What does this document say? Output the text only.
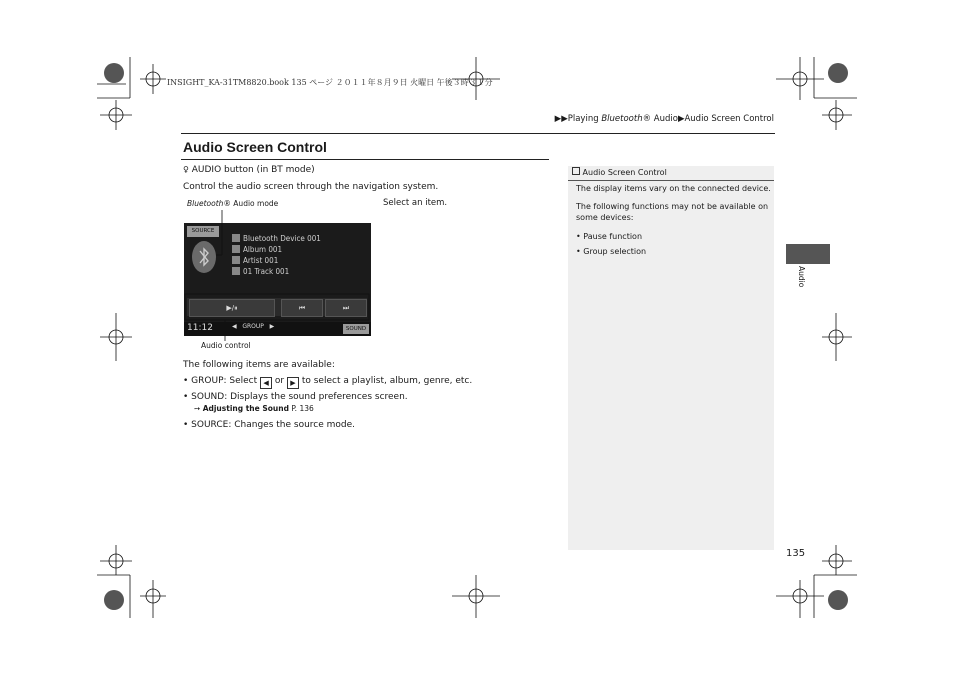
INSIGHT_KA-31TM8820.book 135 ページ ２０１１年８月９日 火曜日 午後３時３１分
▶▶Playing Bluetooth® Audio▶Audio Screen Control
Audio Screen Control
♀ AUDIO button (in BT mode)
Control the audio screen through the navigation system.
Bluetooth® Audio mode	Select an item.
SOURCE
Bluetooth Device 001
Album 001
Artist 001
01 Track 001
▶/⏸	⏮	⏭
11:12	◀ GROUP ▶	SOUND
Audio control
The following items are available:
• GROUP: Select ◀ or ▶ to select a playlist, album, genre, etc.
• SOUND: Displays the sound preferences screen.
➙ Adjusting the Sound P. 136
• SOURCE: Changes the source mode.
Audio Screen Control
The display items vary on the connected device.
The following functions may not be available on
some devices:
• Pause function
• Group selection
Audio
135
